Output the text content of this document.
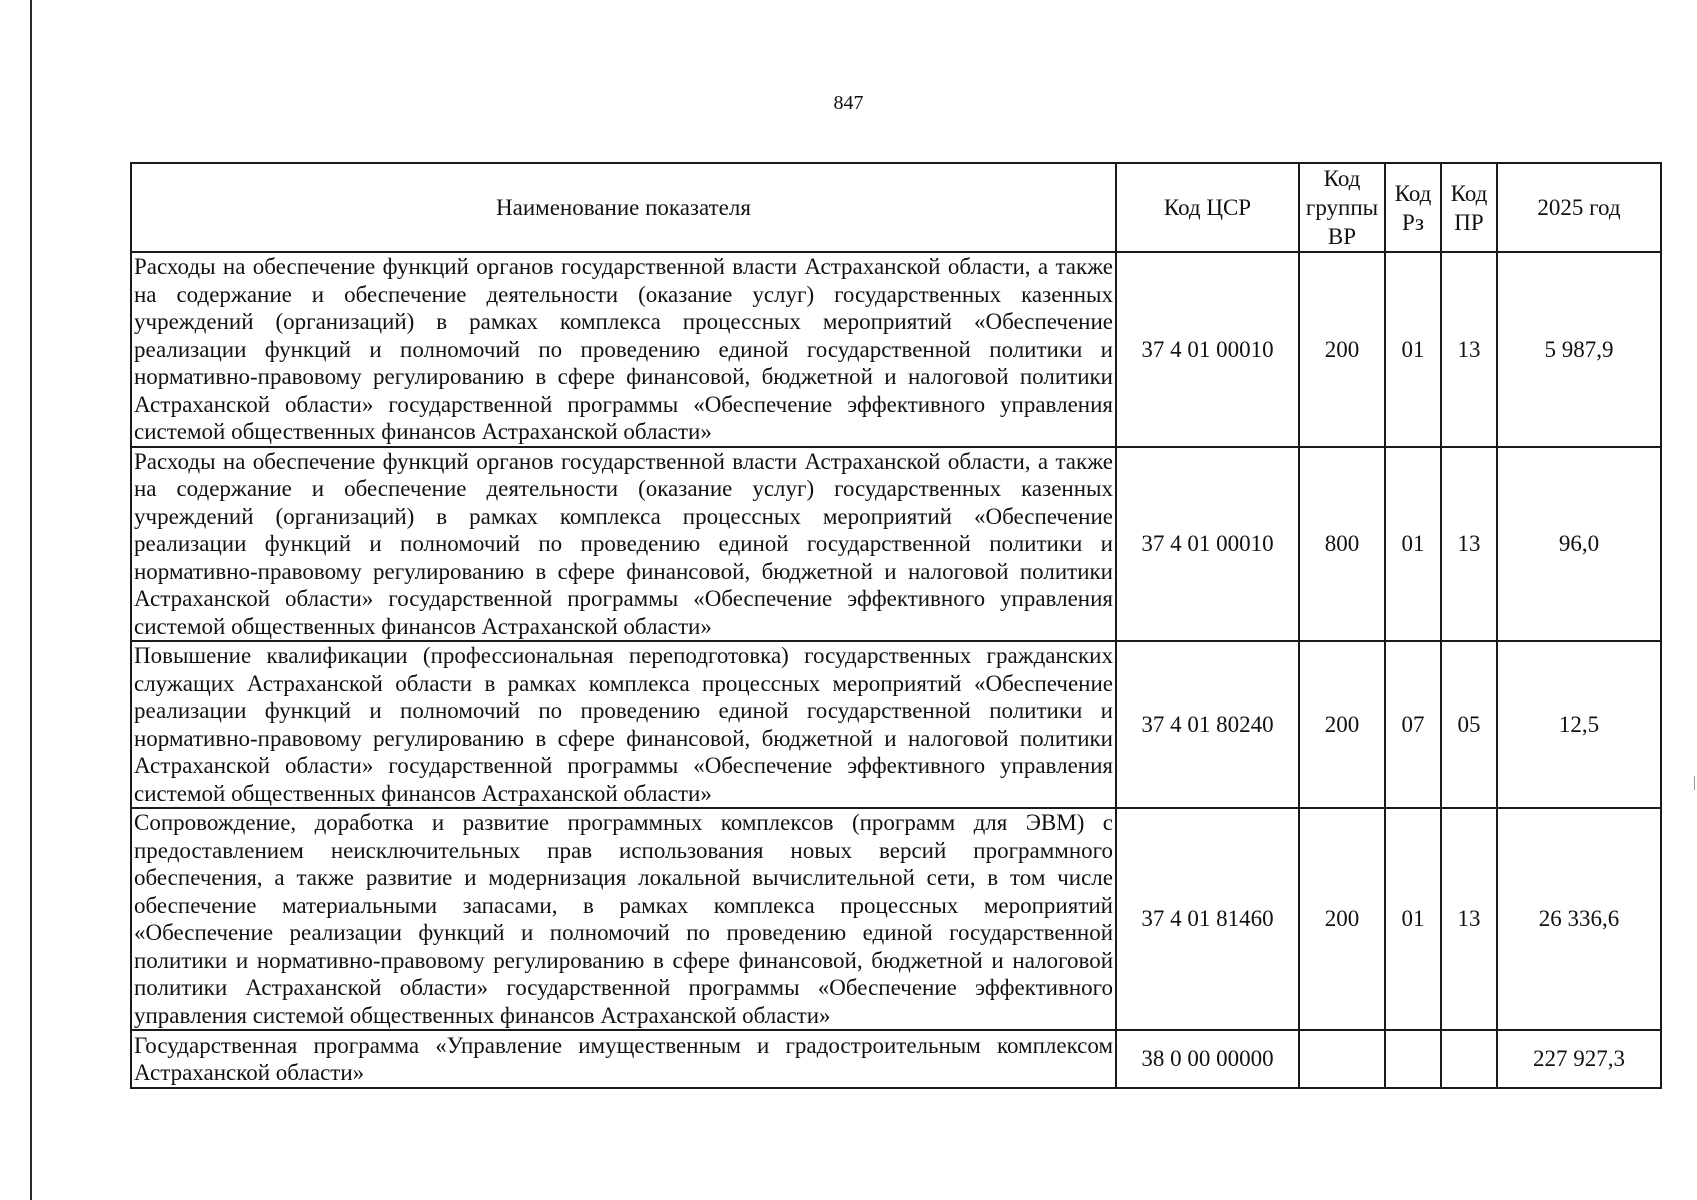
847
Наименование показателя	Код ЦСР	Код группы ВР	Код Рз	Код ПР	2025 год
Расходы на обеспечение функций органов государственной власти Астраханской области, а также на содержание и обеспечение деятельности (оказание услуг) государственных казенных учреждений (организаций) в рамках комплекса процессных мероприятий «Обеспечение реализации функций и полномочий по проведению единой государственной политики и нормативно-правовому регулированию в сфере финансовой, бюджетной и налоговой политики Астраханской области» государственной программы «Обеспечение эффективного управления системой общественных финансов Астраханской области»	37 4 01 00010	200	01	13	5 987,9
Расходы на обеспечение функций органов государственной власти Астраханской области, а также на содержание и обеспечение деятельности (оказание услуг) государственных казенных учреждений (организаций) в рамках комплекса процессных мероприятий «Обеспечение реализации функций и полномочий по проведению единой государственной политики и нормативно-правовому регулированию в сфере финансовой, бюджетной и налоговой политики Астраханской области» государственной программы «Обеспечение эффективного управления системой общественных финансов Астраханской области»	37 4 01 00010	800	01	13	96,0
Повышение квалификации (профессиональная переподготовка) государственных гражданских служащих Астраханской области в рамках комплекса процессных мероприятий «Обеспечение реализации функций и полномочий по проведению единой государственной политики и нормативно-правовому регулированию в сфере финансовой, бюджетной и налоговой политики Астраханской области» государственной программы «Обеспечение эффективного управления системой общественных финансов Астраханской области»	37 4 01 80240	200	07	05	12,5
Сопровождение, доработка и развитие программных комплексов (программ для ЭВМ) с предоставлением неисключительных прав использования новых версий программного обеспечения, а также развитие и модернизация локальной вычислительной сети, в том числе обеспечение материальными запасами, в рамках комплекса процессных мероприятий «Обеспечение реализации функций и полномочий по проведению единой государственной политики и нормативно-правовому регулированию в сфере финансовой, бюджетной и налоговой политики Астраханской области» государственной программы «Обеспечение эффективного управления системой общественных финансов Астраханской области»	37 4 01 81460	200	01	13	26 336,6
Государственная программа «Управление имущественным и градостроительным комплексом Астраханской области»	38 0 00 00000				227 927,3
